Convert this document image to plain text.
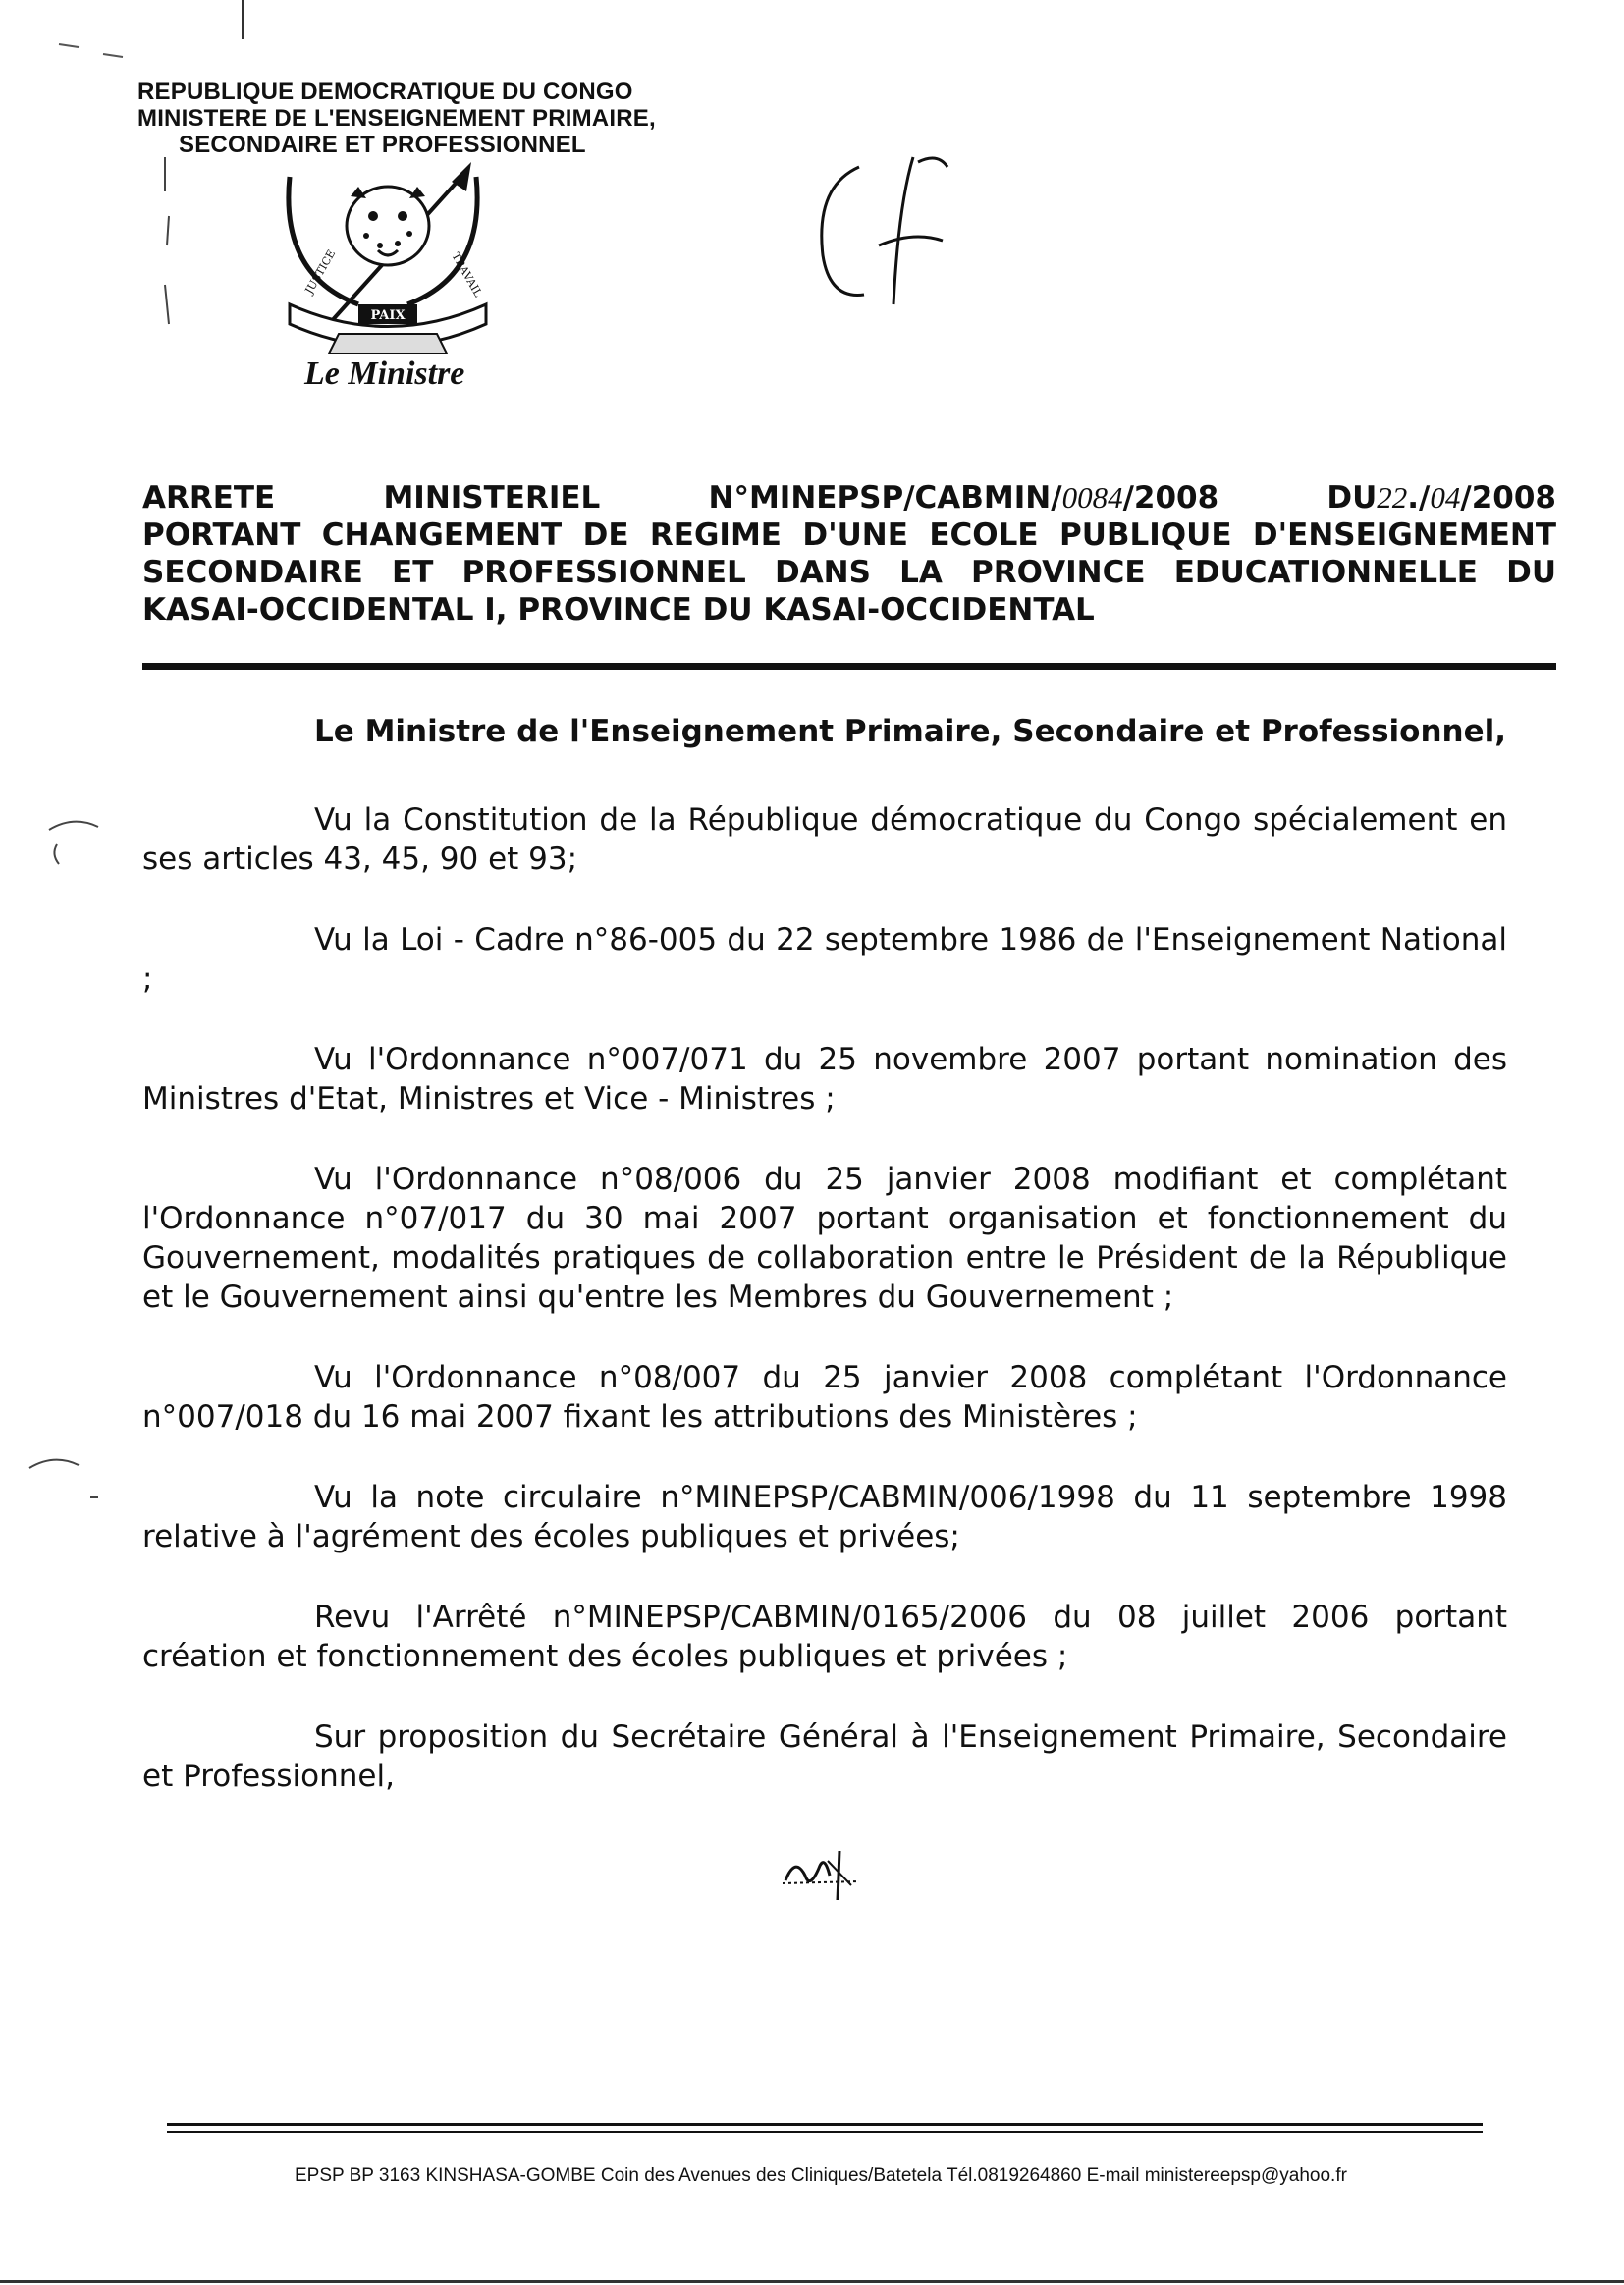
REPUBLIQUE DEMOCRATIQUE DU CONGO
MINISTERE DE L'ENSEIGNEMENT PRIMAIRE,
SECONDAIRE ET PROFESSIONNEL
PAIX
JUSTICE	TRAVAIL
Le Ministre
ARRETE	MINISTERIEL	N°MINEPSP/CABMIN/0084/2008	DU22./04/2008
PORTANT CHANGEMENT DE REGIME D'UNE ECOLE PUBLIQUE D'ENSEIGNEMENT
SECONDAIRE ET PROFESSIONNEL DANS LA PROVINCE EDUCATIONNELLE DU
KASAI-OCCIDENTAL I, PROVINCE DU KASAI-OCCIDENTAL
Le Ministre de l'Enseignement Primaire, Secondaire et Professionnel,

Vu la Constitution de la République démocratique du Congo spécialement en ses articles 43, 45, 90 et 93;

Vu la Loi - Cadre n°86-005 du 22 septembre 1986 de l'Enseignement National ;

Vu l'Ordonnance n°007/071 du 25 novembre 2007 portant nomination des Ministres d'Etat, Ministres et Vice - Ministres ;

Vu l'Ordonnance n°08/006 du 25 janvier 2008 modifiant et complétant l'Ordonnance n°07/017 du 30 mai 2007 portant organisation et fonctionnement du Gouvernement, modalités pratiques de collaboration entre le Président de la République et le Gouvernement ainsi qu'entre les Membres du Gouvernement ;

Vu l'Ordonnance n°08/007 du 25 janvier 2008 complétant l'Ordonnance n°007/018 du 16 mai 2007 fixant les attributions des Ministères ;

Vu la note circulaire n°MINEPSP/CABMIN/006/1998 du 11 septembre 1998 relative à l'agrément des écoles publiques et privées;

Revu l'Arrêté n°MINEPSP/CABMIN/0165/2006 du 08 juillet 2006 portant création et fonctionnement des écoles publiques et privées ;

Sur proposition du Secrétaire Général à l'Enseignement Primaire, Secondaire et Professionnel,

EPSP BP 3163 KINSHASA-GOMBE Coin des Avenues des Cliniques/Batetela Tél.0819264860 E-mail ministereepsp@yahoo.fr
